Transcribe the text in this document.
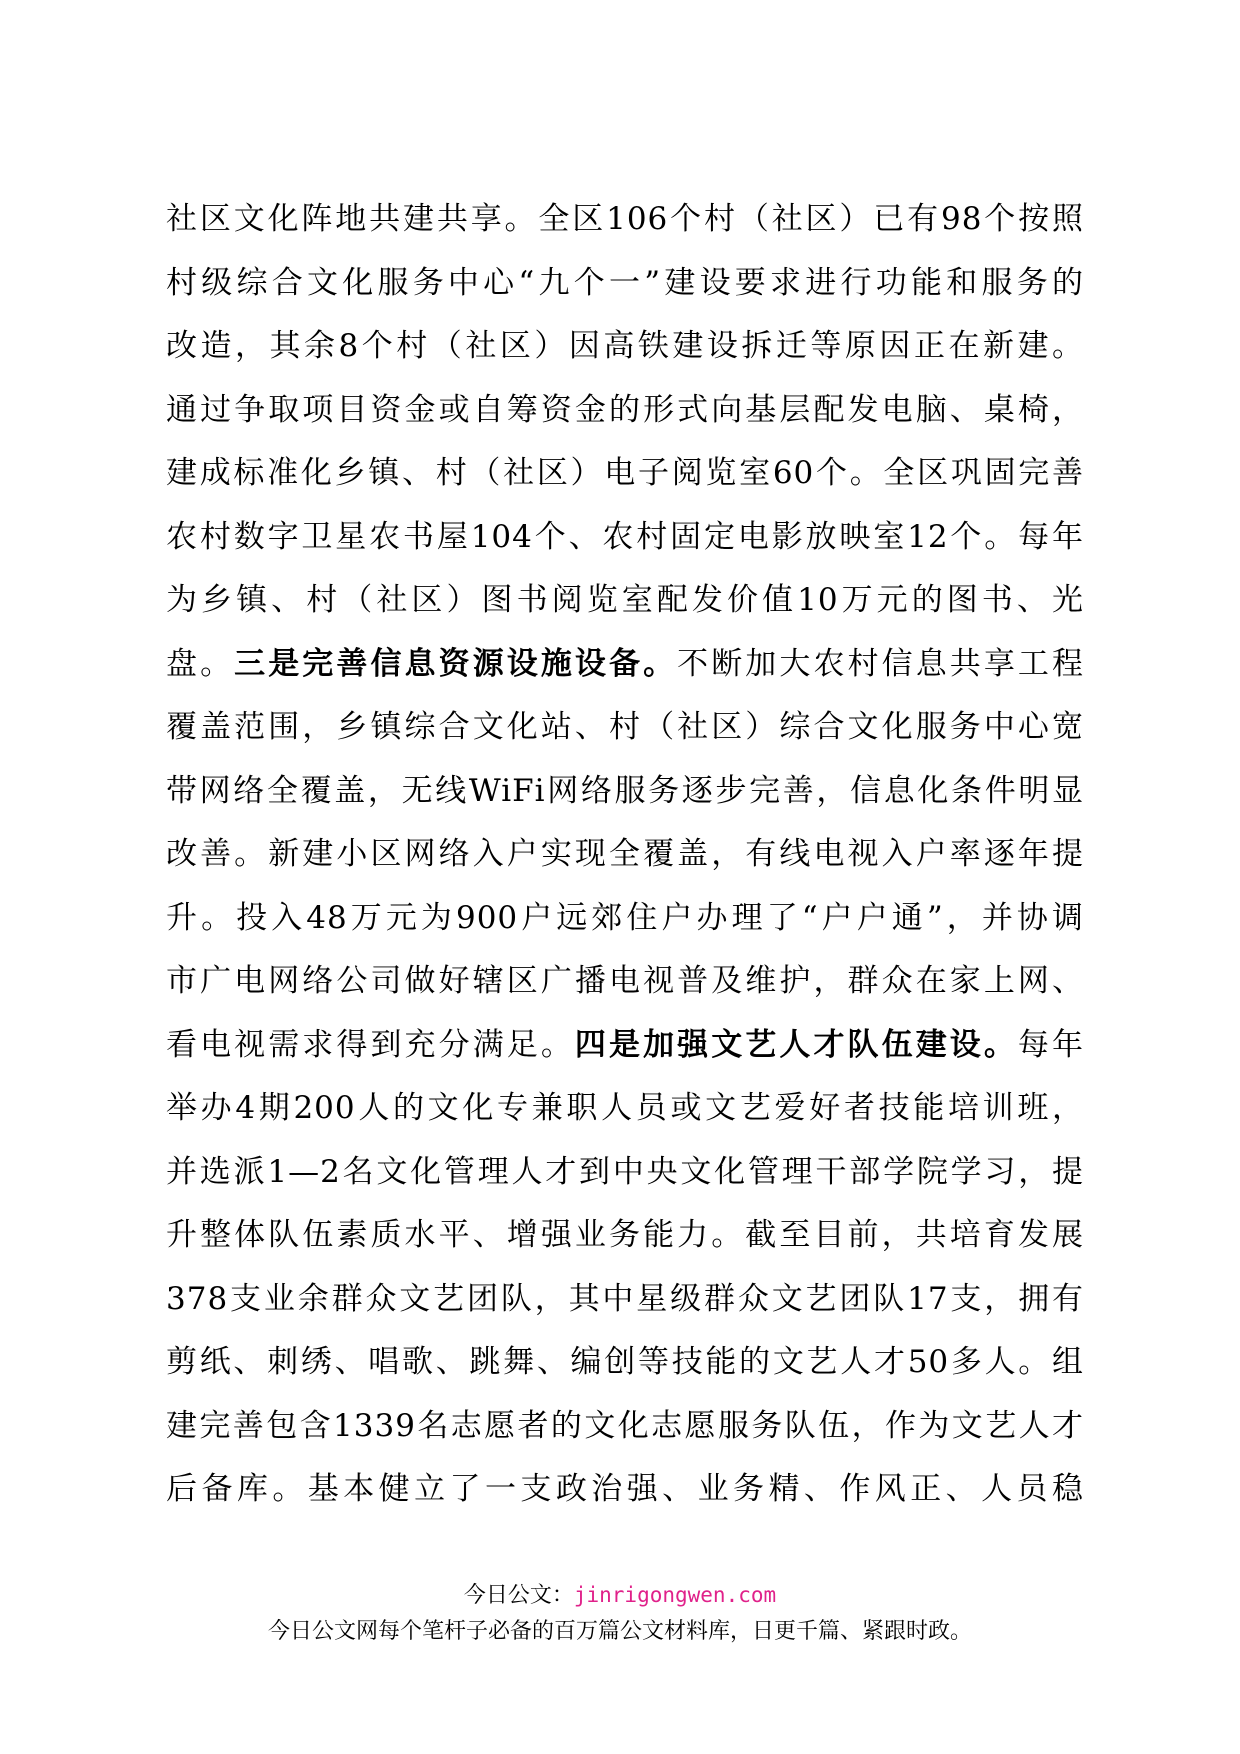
社区文化阵地共建共享。全区106个村（社区）已有98个按照
村级综合文化服务中心“九个一”建设要求进行功能和服务的
改造，其余8个村（社区）因高铁建设拆迁等原因正在新建。
通过争取项目资金或自筹资金的形式向基层配发电脑、桌椅，
建成标准化乡镇、村（社区）电子阅览室60个。全区巩固完善
农村数字卫星农书屋104个、农村固定电影放映室12个。每年
为乡镇、村（社区）图书阅览室配发价值10万元的图书、光
盘。三是完善信息资源设施设备。不断加大农村信息共享工程
覆盖范围，乡镇综合文化站、村（社区）综合文化服务中心宽
带网络全覆盖，无线WiFi网络服务逐步完善，信息化条件明显
改善。新建小区网络入户实现全覆盖，有线电视入户率逐年提
升。投入48万元为900户远郊住户办理了“户户通”，并协调
市广电网络公司做好辖区广播电视普及维护，群众在家上网、
看电视需求得到充分满足。四是加强文艺人才队伍建设。每年
举办4期200人的文化专兼职人员或文艺爱好者技能培训班，
并选派1—2名文化管理人才到中央文化管理干部学院学习，提
升整体队伍素质水平、增强业务能力。截至目前，共培育发展
378支业余群众文艺团队，其中星级群众文艺团队17支，拥有
剪纸、刺绣、唱歌、跳舞、编创等技能的文艺人才50多人。组
建完善包含1339名志愿者的文化志愿服务队伍，作为文艺人才
后备库。基本健立了一支政治强、业务精、作风正、人员稳
今日公文：jinrigongwen.com
今日公文网每个笔杆子必备的百万篇公文材料库，日更千篇、紧跟时政。
